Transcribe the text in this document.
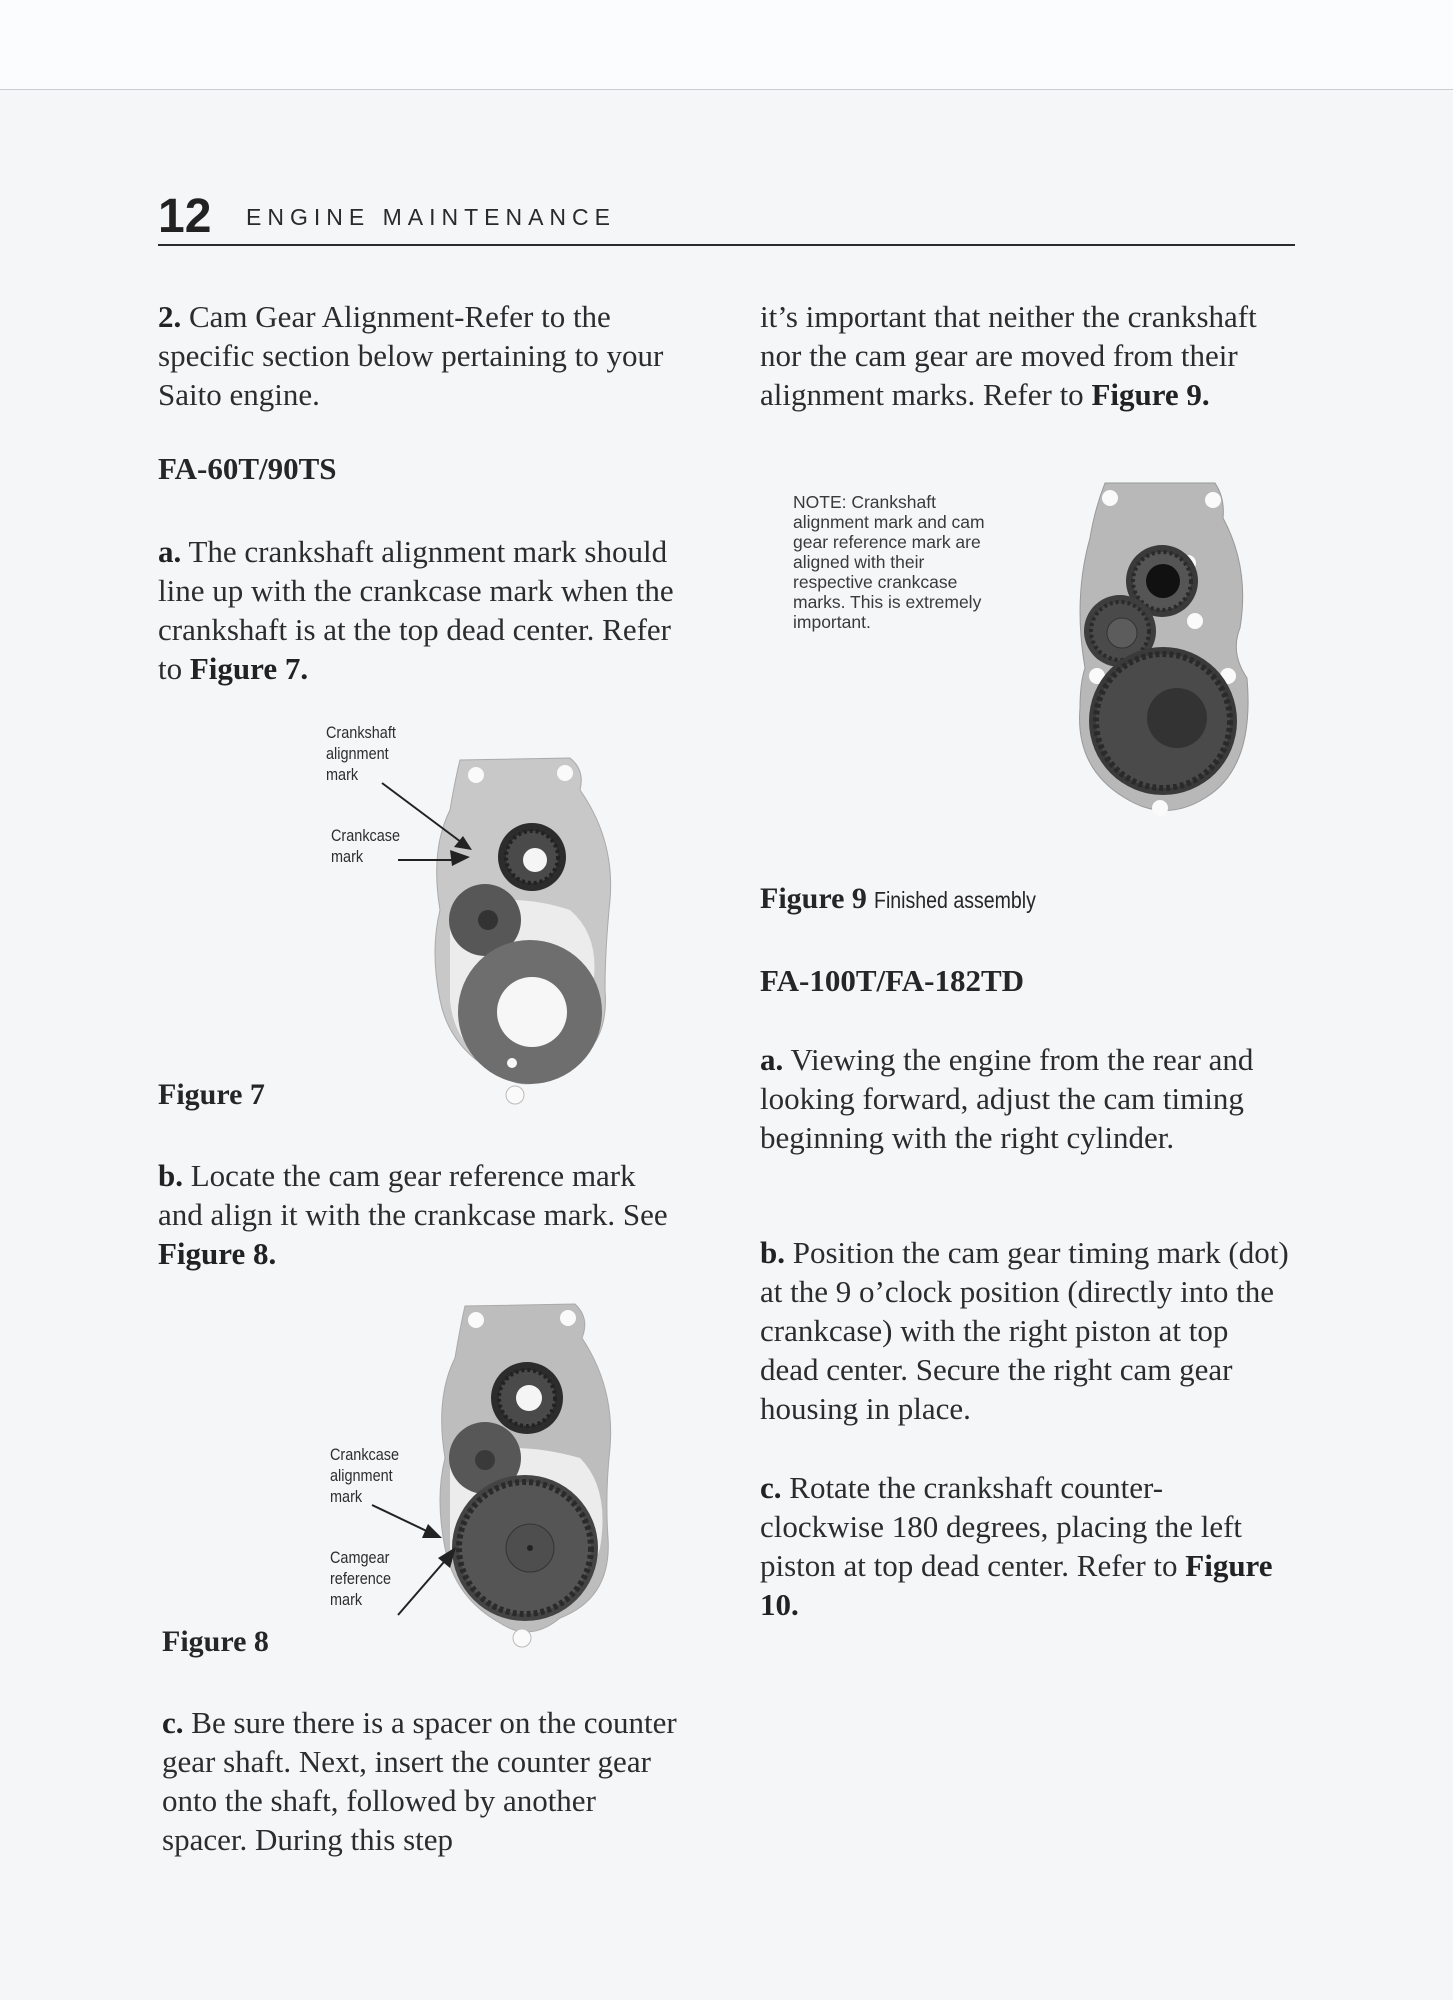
12 ENGINE MAINTENANCE
2. Cam Gear Alignment-Refer to the specific section below pertaining to your Saito engine.
FA-60T/90TS
a. The crankshaft alignment mark should line up with the crankcase mark when the crankshaft is at the top dead center. Refer to Figure 7.
Crankshaft
alignment
mark
Crankcase
mark
Figure 7
b. Locate the cam gear reference mark and align it with the crankcase mark. See Figure 8.
Crankcase
alignment
mark
Camgear
reference
mark
Figure 8
c. Be sure there is a spacer on the counter gear shaft. Next, insert the counter gear onto the shaft, followed by another spacer. During this step
it’s important that neither the crankshaft nor the cam gear are moved from their alignment marks. Refer to Figure 9.
NOTE: Crankshaft alignment mark and cam gear reference mark are aligned with their respective crankcase marks. This is extremely important.
Figure 9 Finished assembly
FA-100T/FA-182TD
a. Viewing the engine from the rear and looking forward, adjust the cam timing beginning with the right cylinder.
b. Position the cam gear timing mark (dot) at the 9 o’clock position (directly into the crankcase) with the right piston at top dead center. Secure the right cam gear housing in place.
c. Rotate the crankshaft counter-clockwise 180 degrees, placing the left piston at top dead center. Refer to Figure 10.
